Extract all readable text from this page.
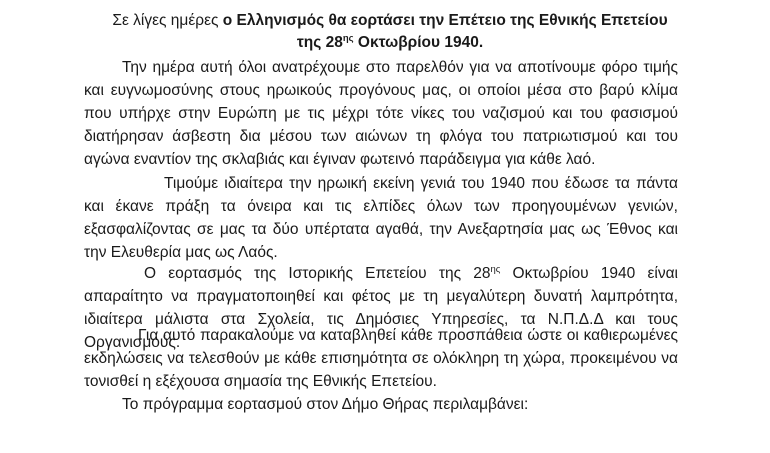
Σε λίγες ημέρες ο Ελληνισμός θα εορτάσει την Επέτειο της Εθνικής Επετείου
της $28^{\eta\varsigma}$ Οκτωβρίου 1940.

Την ημέρα αυτή όλοι ανατρέχουμε στο παρελθόν για να αποτίνουμε φόρο τιμής και ευγνωμοσύνης στους ηρωικούς προγόνους μας, οι οποίοι μέσα στο βαρύ κλίμα που υπήρχε στην Ευρώπη με τις μέχρι τότε νίκες του ναζισμού και του φασισμού διατήρησαν άσβεστη δια μέσου των αιώνων τη φλόγα του πατριωτισμού και του αγώνα εναντίον της σκλαβιάς και έγιναν φωτεινό παράδειγμα για κάθε λαό.

Τιμούμε ιδιαίτερα την ηρωική εκείνη γενιά του 1940 που έδωσε τα πάντα και έκανε πράξη τα όνειρα και τις ελπίδες όλων των προηγουμένων γενιών, εξασφαλίζοντας σε μας τα δύο υπέρτατα αγαθά, την Ανεξαρτησία μας ως Έθνος και την Ελευθερία μας ως Λαός.

Ο εορτασμός της Ιστορικής Επετείου της $28^{\eta\varsigma}$ Οκτωβρίου 1940 είναι απαραίτητο να πραγματοποιηθεί και φέτος με τη μεγαλύτερη δυνατή λαμπρότητα, ιδιαίτερα μάλιστα στα Σχολεία, τις Δημόσιες Υπηρεσίες, τα Ν.Π.Δ.Δ και τους Οργανισμούς.

Για αυτό παρακαλούμε να καταβληθεί κάθε προσπάθεια ώστε οι καθιερωμένες εκδηλώσεις να τελεσθούν με κάθε επισημότητα σε ολόκληρη τη χώρα, προκειμένου να τονισθεί η εξέχουσα σημασία της Εθνικής Επετείου.

Το πρόγραμμα εορτασμού στον Δήμο Θήρας περιλαμβάνει:
